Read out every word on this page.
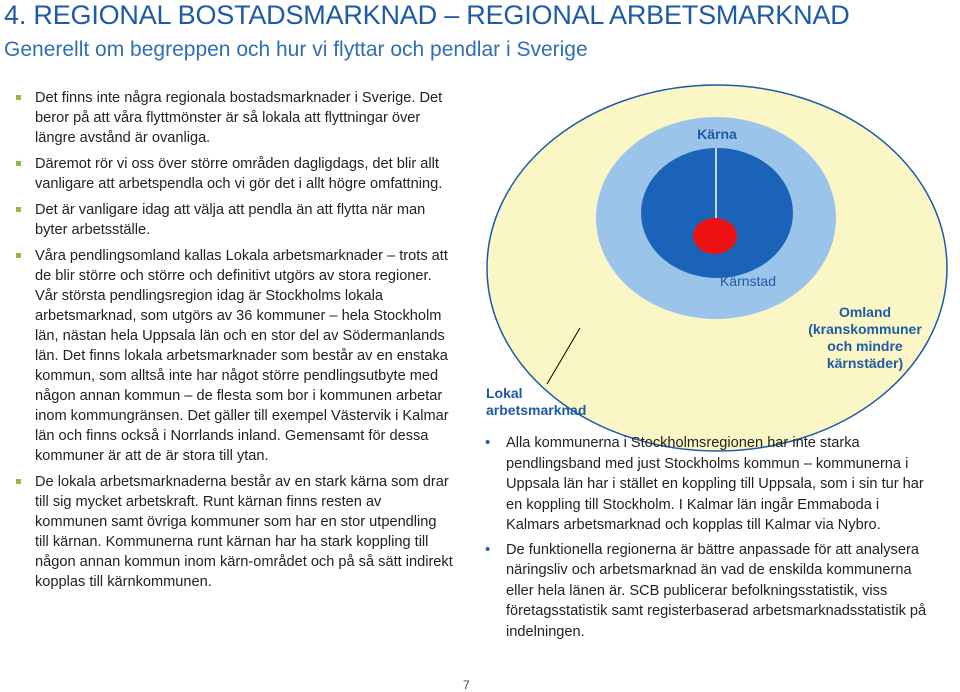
4. REGIONAL BOSTADSMARKNAD – REGIONAL ARBETSMARKNAD
Generellt om begreppen och hur vi flyttar och pendlar i Sverige
Det finns inte några regionala bostadsmarknader i Sverige. Det beror på att våra flyttmönster är så lokala att flyttningar över längre avstånd är ovanliga.
Däremot rör vi oss över större områden dagligdags, det blir allt vanligare att arbetspendla och vi gör det i allt högre omfattning.
Det är vanligare idag att välja att pendla än att flytta när man byter arbetsställe.
Våra pendlingsomland kallas Lokala arbetsmarknader – trots att de blir större och större och definitivt utgörs av stora regioner. Vår största pendlingsregion idag är Stockholms lokala arbetsmarknad, som utgörs av 36 kommuner – hela Stockholm län, nästan hela Uppsala län och en stor del av Södermanlands län. Det finns lokala arbetsmarknader som består av en enstaka kommun, som alltså inte har något större pendlingsutbyte med någon annan kommun – de flesta som bor i kommunen arbetar inom kommungränsen. Det gäller till exempel Västervik i Kalmar län och finns också i Norrlands inland. Gemensamt för dessa kommuner är att de är stora till ytan.
De lokala arbetsmarknaderna består av en stark kärna som drar till sig mycket arbetskraft. Runt kärnan finns resten av kommunen samt övriga kommuner som har en stor utpendling till kärnan. Kommunerna runt kärnan har ha stark koppling till någon annan kommun inom kärn-området och på så sätt indirekt kopplas till kärnkommunen.
Kärna
Kärnstad
Omland (kranskommuner och mindre kärnstäder)
Lokal arbetsmarknad
• Alla kommunerna i Stockholmsregionen har inte starka pendlingsband med just Stockholms kommun – kommunerna i Uppsala län har i stället en koppling till Uppsala, som i sin tur har en koppling till Stockholm. I Kalmar län ingår Emmaboda i Kalmars arbetsmarknad och kopplas till Kalmar via Nybro.
• De funktionella regionerna är bättre anpassade för att analysera näringsliv och arbetsmarknad än vad de enskilda kommunerna eller hela länen är. SCB publicerar befolkningsstatistik, viss företagsstatistik samt registerbaserad arbetsmarknadsstatistik på indelningen.
7
